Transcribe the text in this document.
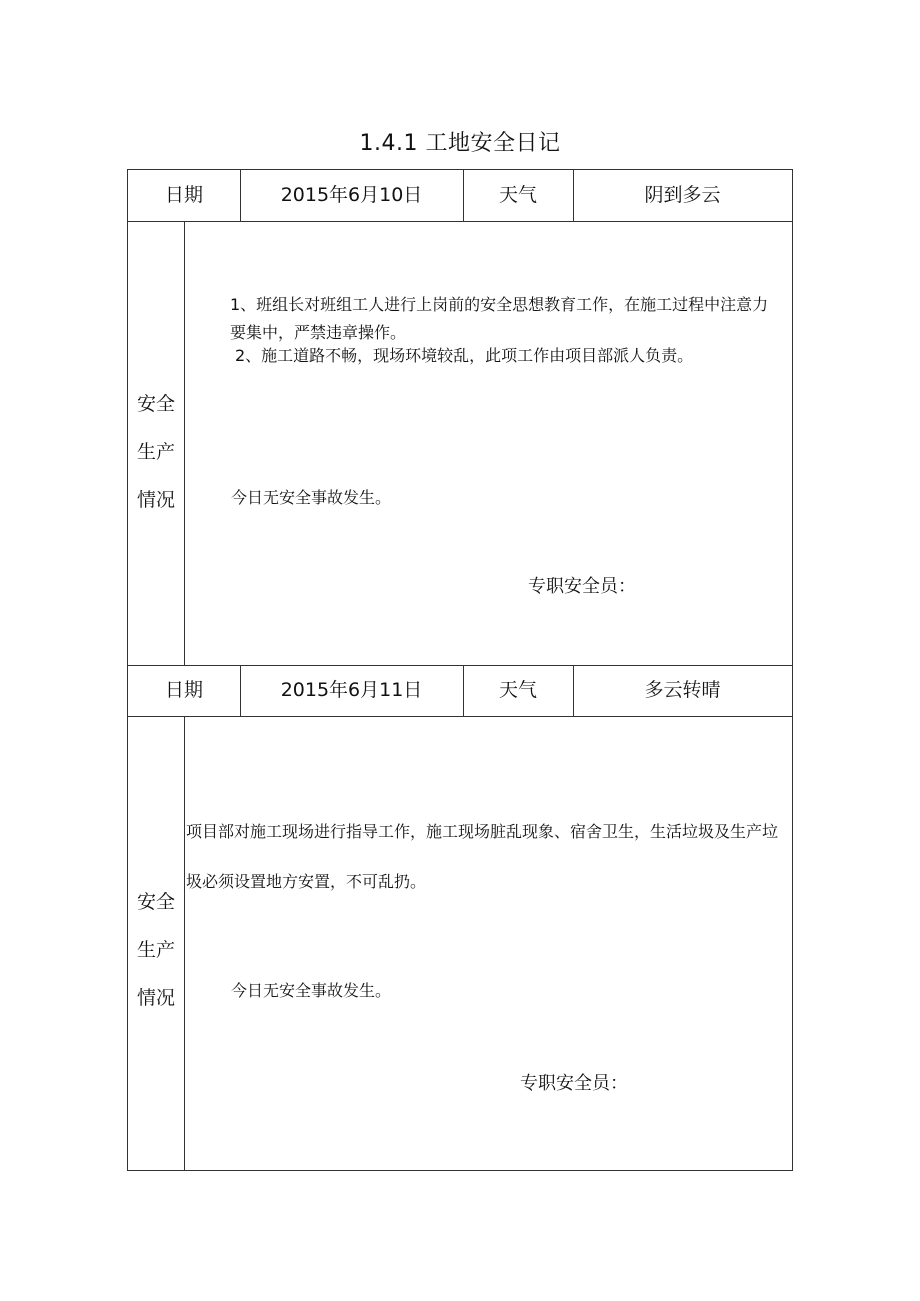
1.4.1 工地安全日记
日期	2015年6月10日	天气	阴到多云
安全
生产
情况
1、班组长对班组工人进行上岗前的安全思想教育工作，在施工过程中注意力要集中，严禁违章操作。
2、施工道路不畅，现场环境较乱，此项工作由项目部派人负责。
今日无安全事故发生。
专职安全员：
日期	2015年6月11日	天气	多云转晴
安全
生产
情况
项目部对施工现场进行指导工作，施工现场脏乱现象、宿舍卫生，生活垃圾及生产垃圾必须设置地方安置，不可乱扔。
今日无安全事故发生。
专职安全员：
